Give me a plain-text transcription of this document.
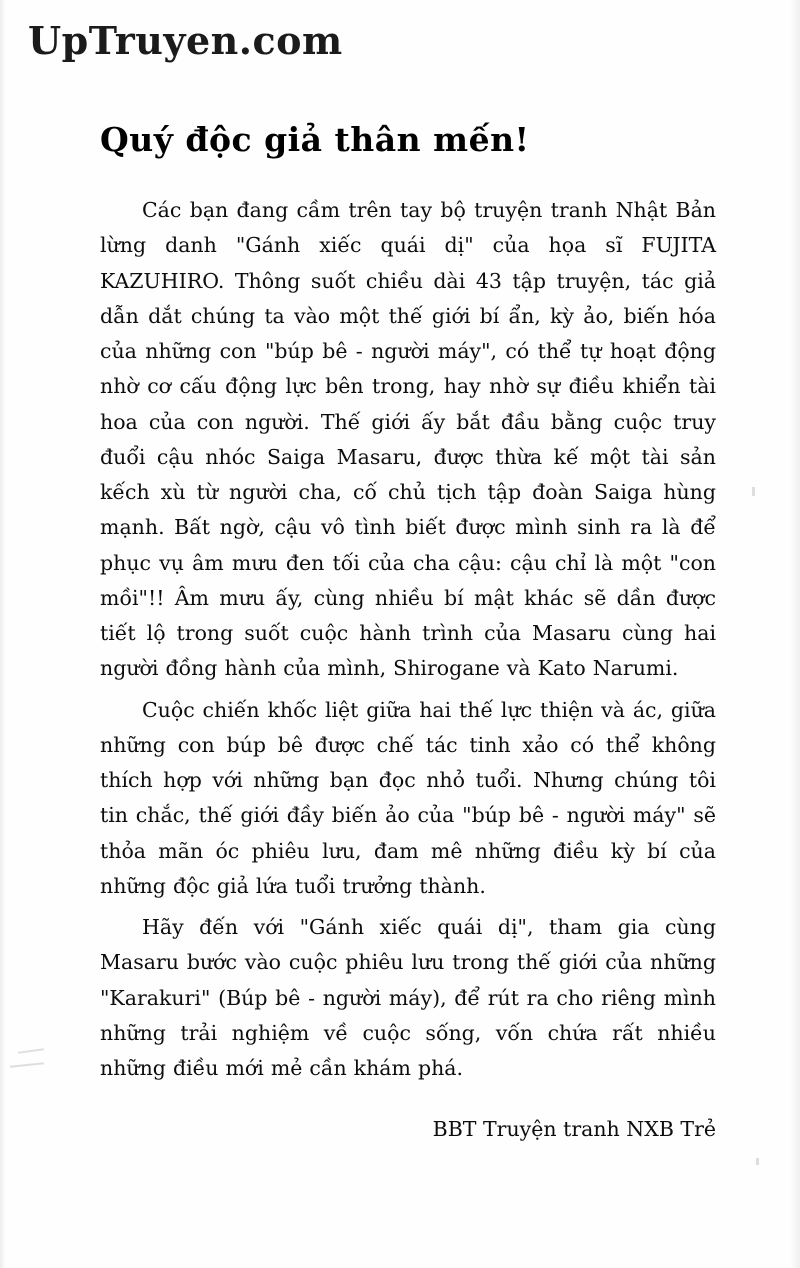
UpTruyen.com
Quý độc giả thân mến!

Các bạn đang cầm trên tay bộ truyện tranh Nhật Bản lừng danh "Gánh xiếc quái dị" của họa sĩ FUJITA KAZUHIRO. Thông suốt chiều dài 43 tập truyện, tác giả dẫn dắt chúng ta vào một thế giới bí ẩn, kỳ ảo, biến hóa của những con "búp bê - người máy", có thể tự hoạt động nhờ cơ cấu động lực bên trong, hay nhờ sự điều khiển tài hoa của con người. Thế giới ấy bắt đầu bằng cuộc truy đuổi cậu nhóc Saiga Masaru, được thừa kế một tài sản kếch xù từ người cha, cố chủ tịch tập đoàn Saiga hùng mạnh. Bất ngờ, cậu vô tình biết được mình sinh ra là để phục vụ âm mưu đen tối của cha cậu: cậu chỉ là một "con mồi"!! Âm mưu ấy, cùng nhiều bí mật khác sẽ dần được tiết lộ trong suốt cuộc hành trình của Masaru cùng hai người đồng hành của mình, Shirogane và Kato Narumi.

Cuộc chiến khốc liệt giữa hai thế lực thiện và ác, giữa những con búp bê được chế tác tinh xảo có thể không thích hợp với những bạn đọc nhỏ tuổi. Nhưng chúng tôi tin chắc, thế giới đầy biến ảo của "búp bê - người máy" sẽ thỏa mãn óc phiêu lưu, đam mê những điều kỳ bí của những độc giả lứa tuổi trưởng thành.

Hãy đến với "Gánh xiếc quái dị", tham gia cùng Masaru bước vào cuộc phiêu lưu trong thế giới của những "Karakuri" (Búp bê - người máy), để rút ra cho riêng mình những trải nghiệm về cuộc sống, vốn chứa rất nhiều những điều mới mẻ cần khám phá.

BBT Truyện tranh NXB Trẻ
